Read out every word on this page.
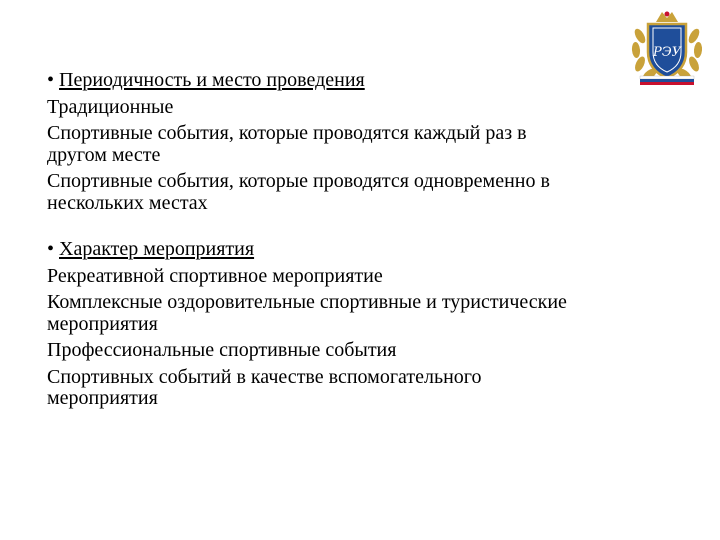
РЭУ

• Периодичность и место проведения

Традиционные

Спортивные события, которые проводятся каждый раз в

другом месте

Спортивные события, которые проводятся одновременно в

нескольких местах

• Характер мероприятия

Рекреативной спортивное мероприятие

Комплексные оздоровительные спортивные и туристические

мероприятия

Профессиональные спортивные события

Спортивных событий в качестве вспомогательного

мероприятия
